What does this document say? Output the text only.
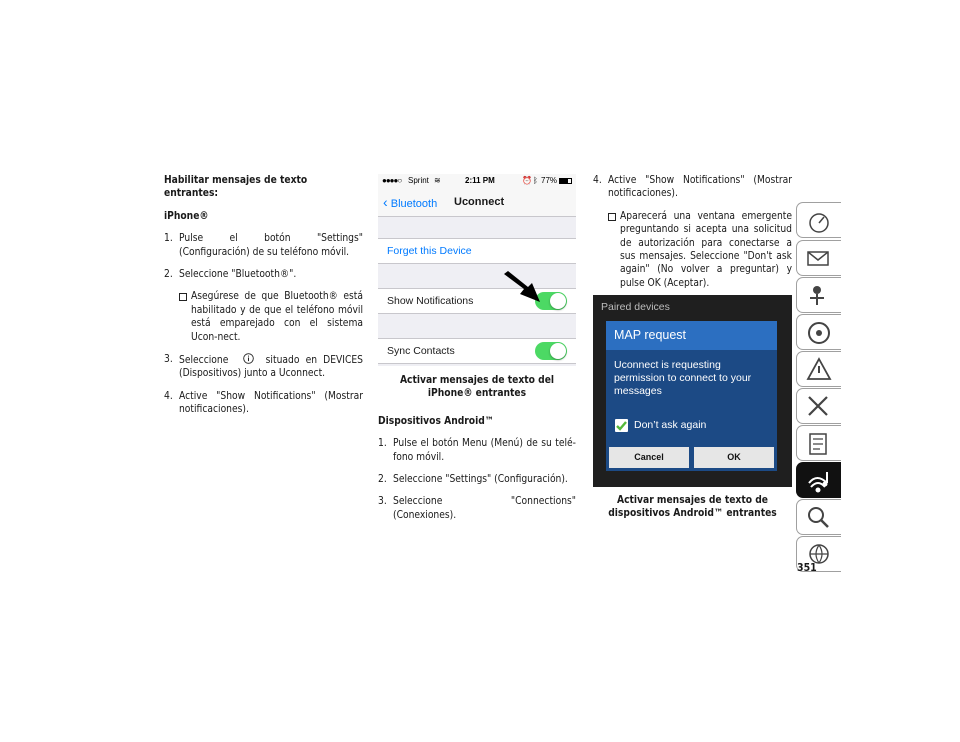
Habilitar mensajes de texto entrantes:

iPhone®

1. Pulse el botón "Settings" (Configuración) de su teléfono móvil.
2. Seleccione "Bluetooth®".
Asegúrese de que Bluetooth® está habilitado y de que el teléfono móvil está emparejado con el sistema Ucon-nect.
3. Seleccione	situado en DEVICES (Dispositivos) junto a Uconnect.
4. Active "Show Notifications" (Mostrar notificaciones).
●●●●○ Sprint ≋	2:11 PM	⏰ ᛒ 77%
‹ Bluetooth Uconnect
Forget this Device
Show Notifications
Sync Contacts
Activar mensajes de texto del iPhone® entrantes

Dispositivos Android™

1. Pulse el botón Menu (Menú) de su telé-fono móvil.
2. Seleccione "Settings" (Configuración).
3. Seleccione "Connections" (Conexiones).
4. Active "Show Notifications" (Mostrar notificaciones).
Aparecerá una ventana emergente preguntando si acepta una solicitud de autorización para conectarse a sus mensajes. Seleccione "Don't ask again" (No volver a preguntar) y pulse OK (Aceptar).
Paired devices
MAP request
Uconnect is requesting permission to connect to your messages
Don’t ask again
Cancel	OK
Activar mensajes de texto de dispositivos Android™ entrantes
351
